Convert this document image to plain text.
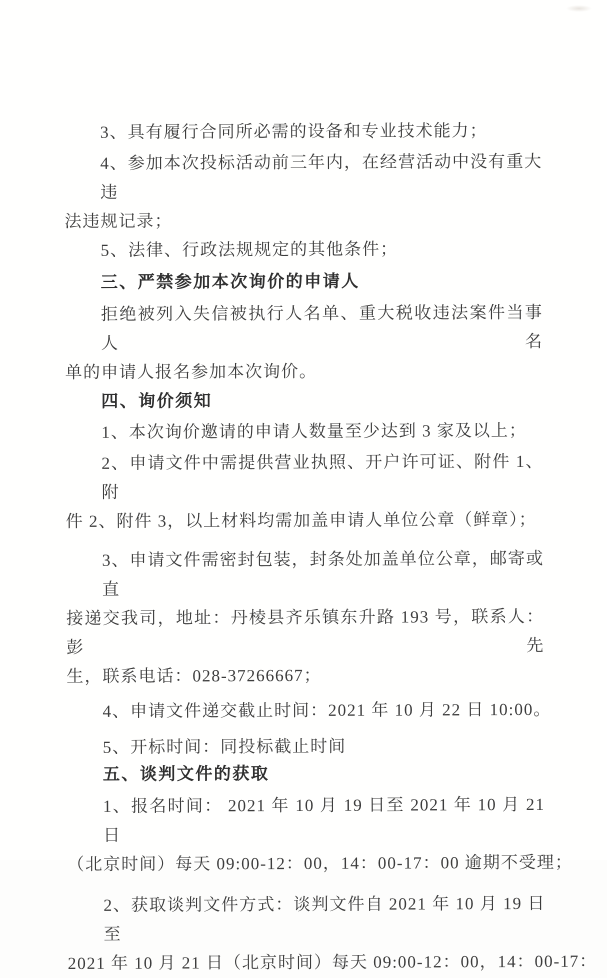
3、具有履行合同所必需的设备和专业技术能力；
4、参加本次投标活动前三年内，在经营活动中没有重大违
法违规记录；
5、法律、行政法规规定的其他条件；
三、严禁参加本次询价的申请人
拒绝被列入失信被执行人名单、重大税收违法案件当事人名
单的申请人报名参加本次询价。
四、询价须知
1、本次询价邀请的申请人数量至少达到 3 家及以上；
2、申请文件中需提供营业执照、开户许可证、附件 1、附
件 2、附件 3，以上材料均需加盖申请人单位公章（鲜章）；
3、申请文件需密封包装，封条处加盖单位公章，邮寄或直
接递交我司，地址：丹棱县齐乐镇东升路 193 号，联系人：彭先
生，联系电话：028-37266667；
4、申请文件递交截止时间：2021 年 10 月 22 日 10:00。
5、开标时间：同投标截止时间
五、谈判文件的获取
1、报名时间： 2021 年 10 月 19 日至 2021 年 10 月 21 日
（北京时间）每天 09:00-12：00，14：00-17：00 逾期不受理；
2、获取谈判文件方式：谈判文件自 2021 年 10 月 19 日至
2021 年 10 月 21 日（北京时间）每天 09:00-12：00，14：00-17：
